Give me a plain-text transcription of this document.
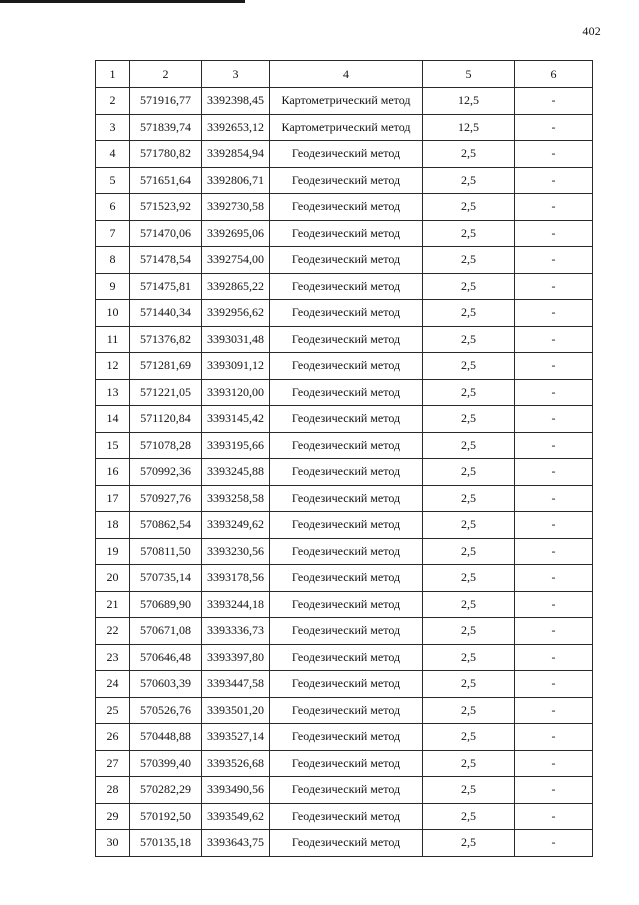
402
1	2	3	4	5	6
2	571916,77	3392398,45	Картометрический метод	12,5	-
3	571839,74	3392653,12	Картометрический метод	12,5	-
4	571780,82	3392854,94	Геодезический метод	2,5	-
5	571651,64	3392806,71	Геодезический метод	2,5	-
6	571523,92	3392730,58	Геодезический метод	2,5	-
7	571470,06	3392695,06	Геодезический метод	2,5	-
8	571478,54	3392754,00	Геодезический метод	2,5	-
9	571475,81	3392865,22	Геодезический метод	2,5	-
10	571440,34	3392956,62	Геодезический метод	2,5	-
11	571376,82	3393031,48	Геодезический метод	2,5	-
12	571281,69	3393091,12	Геодезический метод	2,5	-
13	571221,05	3393120,00	Геодезический метод	2,5	-
14	571120,84	3393145,42	Геодезический метод	2,5	-
15	571078,28	3393195,66	Геодезический метод	2,5	-
16	570992,36	3393245,88	Геодезический метод	2,5	-
17	570927,76	3393258,58	Геодезический метод	2,5	-
18	570862,54	3393249,62	Геодезический метод	2,5	-
19	570811,50	3393230,56	Геодезический метод	2,5	-
20	570735,14	3393178,56	Геодезический метод	2,5	-
21	570689,90	3393244,18	Геодезический метод	2,5	-
22	570671,08	3393336,73	Геодезический метод	2,5	-
23	570646,48	3393397,80	Геодезический метод	2,5	-
24	570603,39	3393447,58	Геодезический метод	2,5	-
25	570526,76	3393501,20	Геодезический метод	2,5	-
26	570448,88	3393527,14	Геодезический метод	2,5	-
27	570399,40	3393526,68	Геодезический метод	2,5	-
28	570282,29	3393490,56	Геодезический метод	2,5	-
29	570192,50	3393549,62	Геодезический метод	2,5	-
30	570135,18	3393643,75	Геодезический метод	2,5	-
